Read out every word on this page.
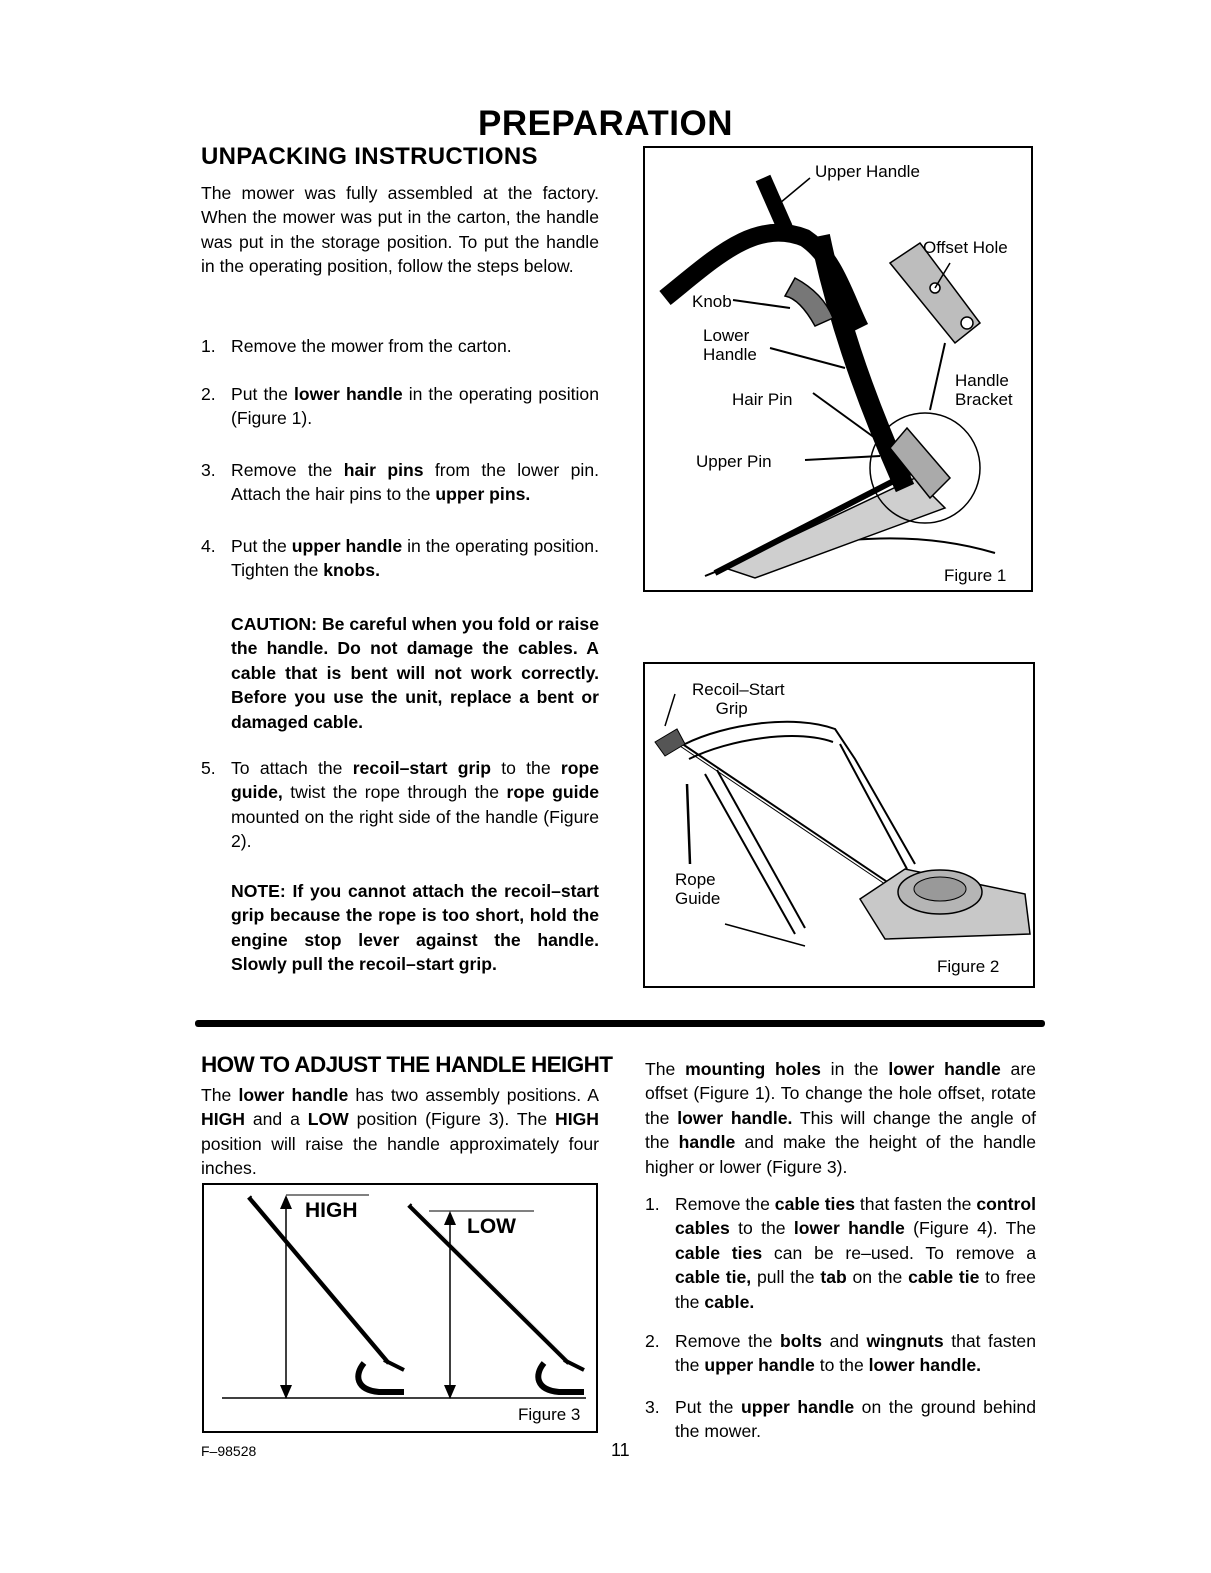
PREPARATION
UNPACKING INSTRUCTIONS
The mower was fully assembled at the factory. When the mower was put in the carton, the handle was put in the storage position. To put the handle in the operating position, follow the steps below.
1. Remove the mower from the carton.
2. Put the lower handle in the operating position (Figure 1).
3. Remove the hair pins from the lower pin. Attach the hair pins to the upper pins.
4. Put the upper handle in the operating position. Tighten the knobs.
CAUTION: Be careful when you fold or raise the handle. Do not damage the cables. A cable that is bent will not work correctly. Before you use the unit, replace a bent or damaged cable.
5. To attach the recoil–start grip to the rope guide, twist the rope through the rope guide mounted on the right side of the handle (Figure 2).
NOTE: If you cannot attach the recoil–start grip because the rope is too short, hold the engine stop lever against the handle. Slowly pull the recoil–start grip.
Upper Handle
Offset Hole
Knob
Lower
Handle
Hair Pin
Handle
Bracket
Upper Pin
Figure 1
Recoil–Start
Grip
Rope
Guide
Figure 2
HOW TO ADJUST THE HANDLE HEIGHT
The lower handle has two assembly positions. A HIGH and a LOW position (Figure 3). The HIGH position will raise the handle approximately four inches.
HIGH
LOW
Figure 3
The mounting holes in the lower handle are offset (Figure 1). To change the hole offset, rotate the lower handle. This will change the angle of the handle and make the height of the handle higher or lower (Figure 3).
1. Remove the cable ties that fasten the control cables to the lower handle (Figure 4). The cable ties can be re–used. To remove a cable tie, pull the tab on the cable tie to free the cable.
2. Remove the bolts and wingnuts that fasten the upper handle to the lower handle.
3. Put the upper handle on the ground behind the mower.
F–98528	11
